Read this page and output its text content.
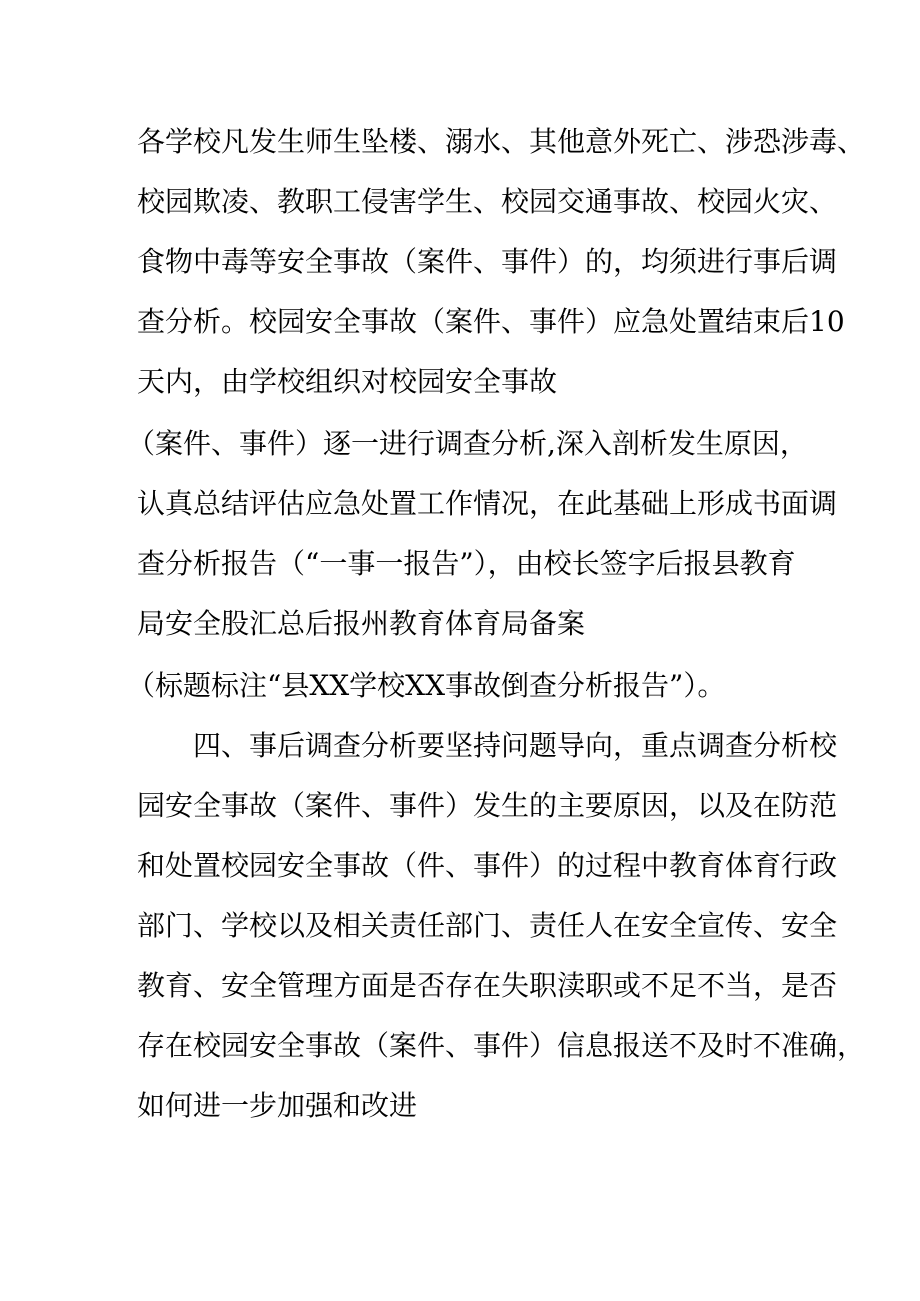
各学校凡发生师生坠楼、溺水、其他意外死亡、涉恐涉毒、
校园欺凌、教职工侵害学生、校园交通事故、校园火灾、
食物中毒等安全事故（案件、事件）的，均须进行事后调
查分析。校园安全事故（案件、事件）应急处置结束后10
天内，由学校组织对校园安全事故
（案件、事件）逐一进行调查分析,深入剖析发生原因，
认真总结评估应急处置工作情况，在此基础上形成书面调
查分析报告（“一事一报告”），由校长签字后报县教育
局安全股汇总后报州教育体育局备案
（标题标注“县XX学校XX事故倒查分析报告”）。
四、事后调查分析要坚持问题导向，重点调查分析校
园安全事故（案件、事件）发生的主要原因，以及在防范
和处置校园安全事故（件、事件）的过程中教育体育行政
部门、学校以及相关责任部门、责任人在安全宣传、安全
教育、安全管理方面是否存在失职渎职或不足不当，是否
存在校园安全事故（案件、事件）信息报送不及时不准确，
如何进一步加强和改进
